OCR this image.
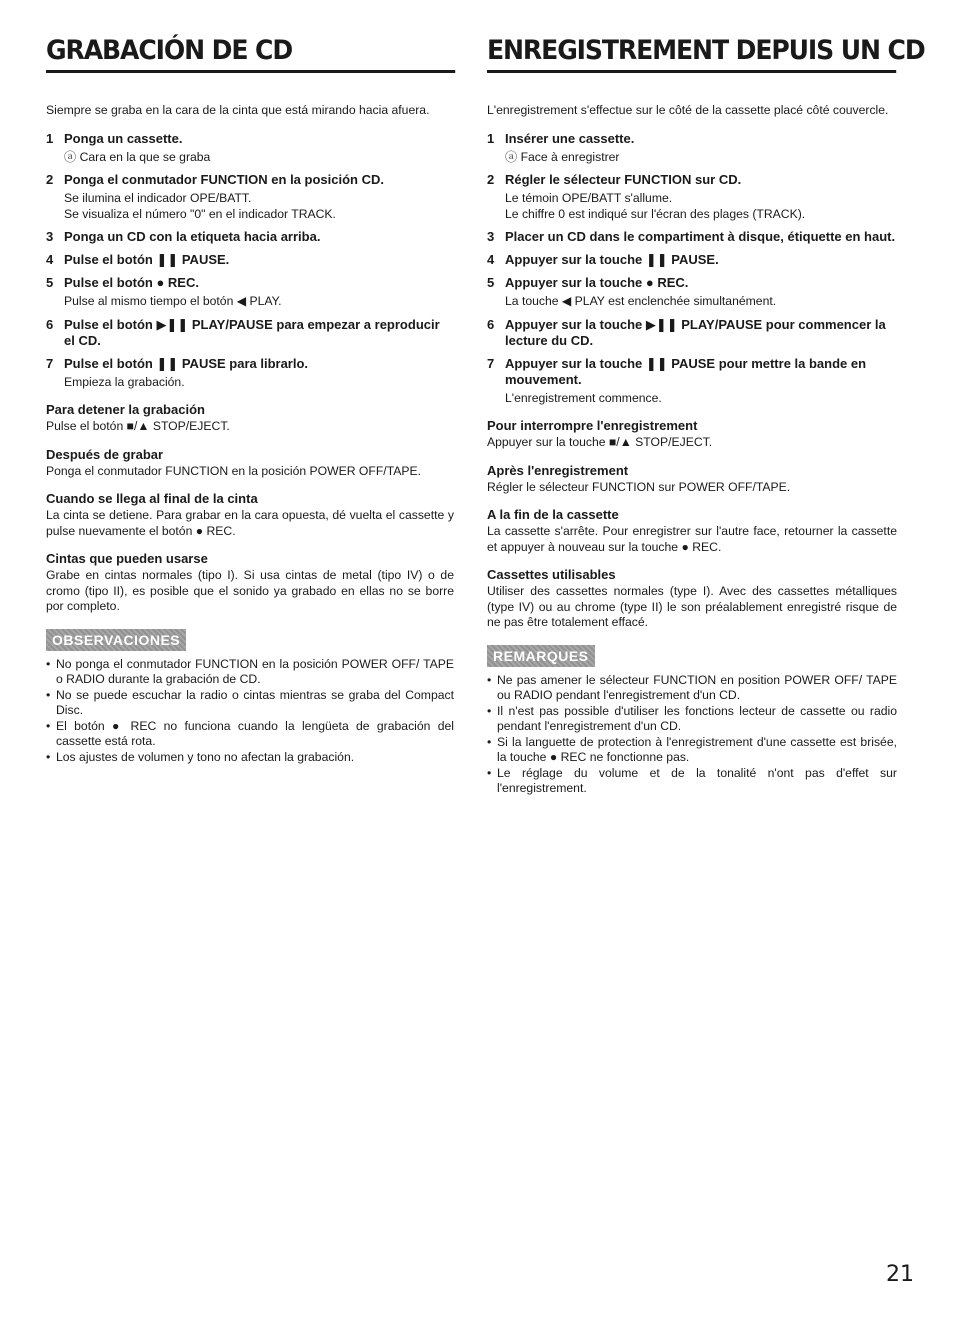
GRABACIÓN DE CD

Siempre se graba en la cara de la cinta que está mirando hacia afuera.

1 Ponga un cassette.
ⓐ Cara en la que se graba
2 Ponga el conmutador FUNCTION en la posición CD.
Se ilumina el indicador OPE/BATT.
Se visualiza el número "0" en el indicador TRACK.
3 Ponga un CD con la etiqueta hacia arriba.
4 Pulse el botón ❚❚ PAUSE.
5 Pulse el botón ● REC.
Pulse al mismo tiempo el botón ◀ PLAY.
6 Pulse el botón ▶❚❚ PLAY/PAUSE para empezar a reproducir el CD.
7 Pulse el botón ❚❚ PAUSE para librarlo.
Empieza la grabación.
Para detener la grabación

Pulse el botón ■/▲ STOP/EJECT.

Después de grabar

Ponga el conmutador FUNCTION en la posición POWER OFF/TAPE.

Cuando se llega al final de la cinta

La cinta se detiene. Para grabar en la cara opuesta, dé vuelta el cassette y pulse nuevamente el botón ● REC.

Cintas que pueden usarse

Grabe en cintas normales (tipo I). Si usa cintas de metal (tipo IV) o de cromo (tipo II), es posible que el sonido ya grabado en ellas no se borre por completo.

OBSERVACIONES
• No ponga el conmutador FUNCTION en la posición POWER OFF/ TAPE o RADIO durante la grabación de CD.
• No se puede escuchar la radio o cintas mientras se graba del Compact Disc.
• El botón ● REC no funciona cuando la lengüeta de grabación del cassette está rota.
• Los ajustes de volumen y tono no afectan la grabación.
ENREGISTREMENT DEPUIS UN CD

L'enregistrement s'effectue sur le côté de la cassette placé côté couvercle.

1 Insérer une cassette.
ⓐ Face à enregistrer
2 Régler le sélecteur FUNCTION sur CD.
Le témoin OPE/BATT s'allume.
Le chiffre 0 est indiqué sur l'écran des plages (TRACK).
3 Placer un CD dans le compartiment à disque, étiquette en haut.
4 Appuyer sur la touche ❚❚ PAUSE.
5 Appuyer sur la touche ● REC.
La touche ◀ PLAY est enclenchée simultanément.
6 Appuyer sur la touche ▶❚❚ PLAY/PAUSE pour commencer la lecture du CD.
7 Appuyer sur la touche ❚❚ PAUSE pour mettre la bande en mouvement.
L'enregistrement commence.
Pour interrompre l'enregistrement

Appuyer sur la touche ■/▲ STOP/EJECT.

Après l'enregistrement

Régler le sélecteur FUNCTION sur POWER OFF/TAPE.

A la fin de la cassette

La cassette s'arrête. Pour enregistrer sur l'autre face, retourner la cassette et appuyer à nouveau sur la touche ● REC.

Cassettes utilisables

Utiliser des cassettes normales (type I). Avec des cassettes métalliques (type IV) ou au chrome (type II) le son préalablement enregistré risque de ne pas être totalement effacé.

REMARQUES
• Ne pas amener le sélecteur FUNCTION en position POWER OFF/ TAPE ou RADIO pendant l'enregistrement d'un CD.
• Il n'est pas possible d'utiliser les fonctions lecteur de cassette ou radio pendant l'enregistrement d'un CD.
• Si la languette de protection à l'enregistrement d'une cassette est brisée, la touche ● REC ne fonctionne pas.
• Le réglage du volume et de la tonalité n'ont pas d'effet sur l'enregistrement.
21
